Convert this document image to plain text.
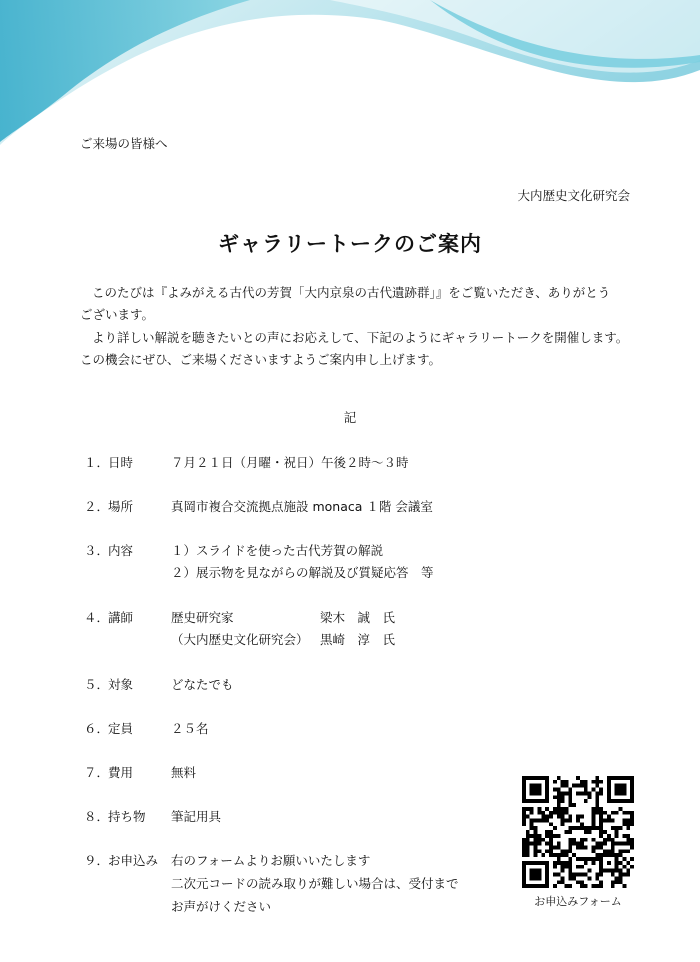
ご来場の皆様へ
大内歴史文化研究会
ギャラリートークのご案内
このたびは『よみがえる古代の芳賀「大内京泉の古代遺跡群」』をご覧いただき、ありがとう
ございます。
より詳しい解説を聴きたいとの声にお応えして、下記のようにギャラリートークを開催します。
この機会にぜひ、ご来場くださいますようご案内申し上げます。
記
１．
日時	７月２１日（月曜・祝日）午後２時～３時
２．
場所	真岡市複合交流拠点施設 monaca １階 会議室
３．
内容	１）スライドを使った古代芳賀の解説
２）展示物を見ながらの解説及び質疑応答　等
４．
講師	歴史研究家	梁木　誠　氏
（大内歴史文化研究会） 黒崎　淳　氏
５．
対象	どなたでも
６．
定員	２５名
７．
費用	無料
８．
持ち物 筆記用具
９．
お申込み 右のフォームよりお願いいたします
二次元コードの読み取りが難しい場合は、受付まで
お声がけください	お申込みフォーム
